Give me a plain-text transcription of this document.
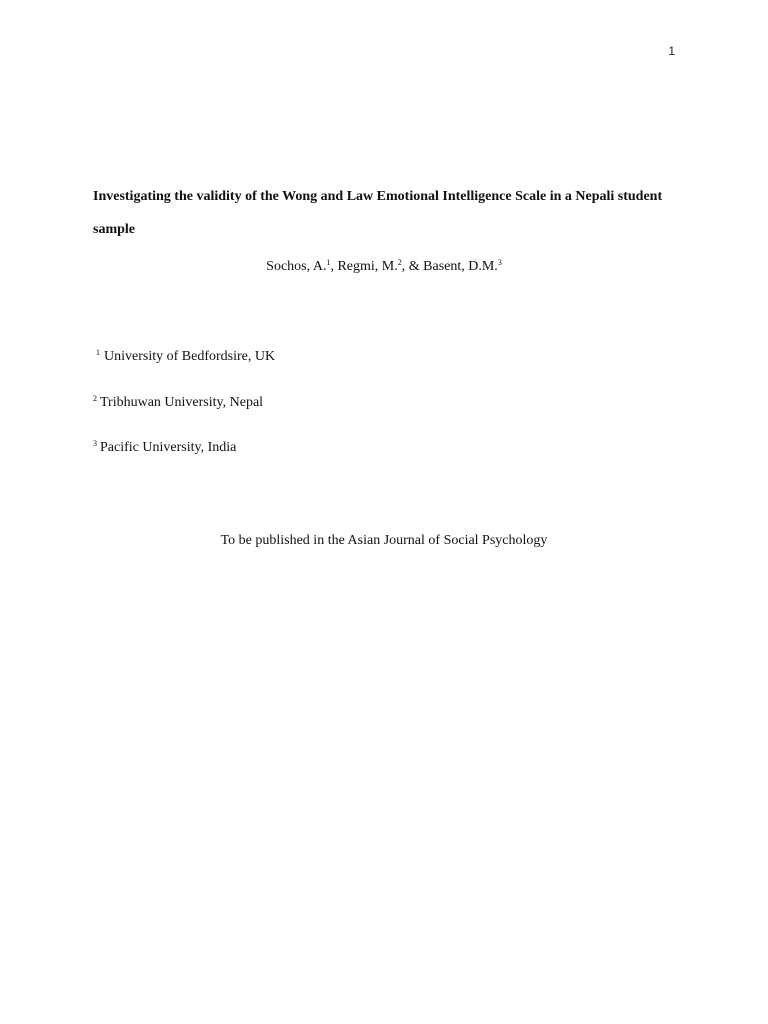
1
Investigating the validity of the Wong and Law Emotional Intelligence Scale in a Nepali student sample
Sochos, A.$^1$, Regmi, M.$^2$, & Basent, D.M.$^3$
$^1$ University of Bedfordsire, UK
$^2$ Tribhuwan University, Nepal
$^3$ Pacific University, India
To be published in the Asian Journal of Social Psychology
